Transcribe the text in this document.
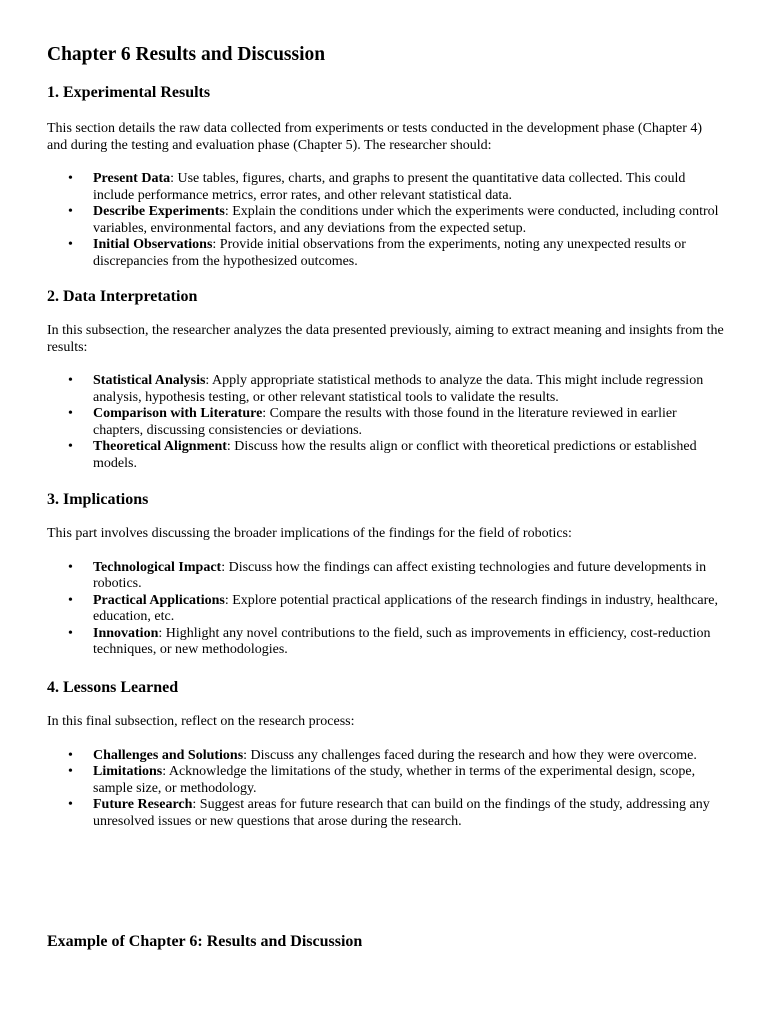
Chapter 6 Results and Discussion
1. Experimental Results

This section details the raw data collected from experiments or tests conducted in the development phase (Chapter 4) and during the testing and evaluation phase (Chapter 5). The researcher should:

• Present Data: Use tables, figures, charts, and graphs to present the quantitative data collected. This could include performance metrics, error rates, and other relevant statistical data.
• Describe Experiments: Explain the conditions under which the experiments were conducted, including control variables, environmental factors, and any deviations from the expected setup.
• Initial Observations: Provide initial observations from the experiments, noting any unexpected results or discrepancies from the hypothesized outcomes.
2. Data Interpretation

In this subsection, the researcher analyzes the data presented previously, aiming to extract meaning and insights from the results:

• Statistical Analysis: Apply appropriate statistical methods to analyze the data. This might include regression analysis, hypothesis testing, or other relevant statistical tools to validate the results.
• Comparison with Literature: Compare the results with those found in the literature reviewed in earlier chapters, discussing consistencies or deviations.
• Theoretical Alignment: Discuss how the results align or conflict with theoretical predictions or established models.
3. Implications

This part involves discussing the broader implications of the findings for the field of robotics:

• Technological Impact: Discuss how the findings can affect existing technologies and future developments in robotics.
• Practical Applications: Explore potential practical applications of the research findings in industry, healthcare, education, etc.
• Innovation: Highlight any novel contributions to the field, such as improvements in efficiency, cost-reduction techniques, or new methodologies.
4. Lessons Learned

In this final subsection, reflect on the research process:

• Challenges and Solutions: Discuss any challenges faced during the research and how they were overcome.
• Limitations: Acknowledge the limitations of the study, whether in terms of the experimental design, scope, sample size, or methodology.
• Future Research: Suggest areas for future research that can build on the findings of the study, addressing any unresolved issues or new questions that arose during the research.
Example of Chapter 6: Results and Discussion
